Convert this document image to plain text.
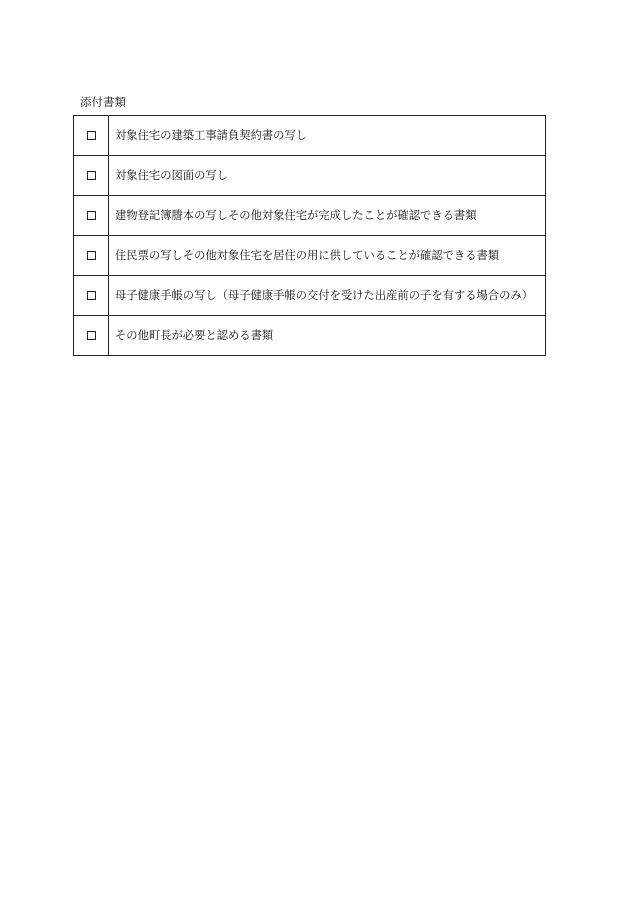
添付書類
	対象住宅の建築工事請負契約書の写し
	対象住宅の図面の写し
	建物登記簿謄本の写しその他対象住宅が完成したことが確認できる書類
	住民票の写しその他対象住宅を居住の用に供していることが確認できる書類
	母子健康手帳の写し（母子健康手帳の交付を受けた出産前の子を有する場合のみ）
	その他町長が必要と認める書類
